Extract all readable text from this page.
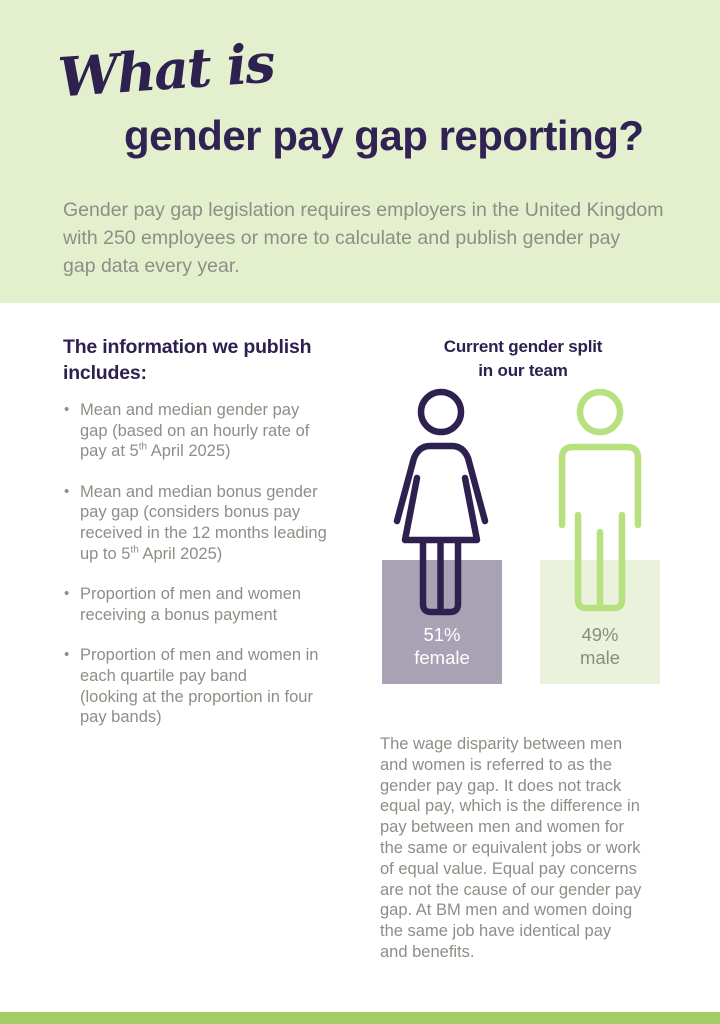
What is
gender pay gap reporting?

Gender pay gap legislation requires employers in the United Kingdom
with 250 employees or more to calculate and publish gender pay
gap data every year.

The information we publish
includes:
• Mean and median gender pay
gap (based on an hourly rate of
pay at 5th April 2025)
• Mean and median bonus gender
pay gap (considers bonus pay
received in the 12 months leading
up to 5th April 2025)
• Proportion of men and women
receiving a bonus payment
• Proportion of men and women in
each quartile pay band
(looking at the proportion in four
pay bands)
Current gender split
in our team
51%
female
49%
male

The wage disparity between men
and women is referred to as the
gender pay gap. It does not track
equal pay, which is the difference in
pay between men and women for
the same or equivalent jobs or work
of equal value. Equal pay concerns
are not the cause of our gender pay
gap. At BM men and women doing
the same job have identical pay
and benefits.
